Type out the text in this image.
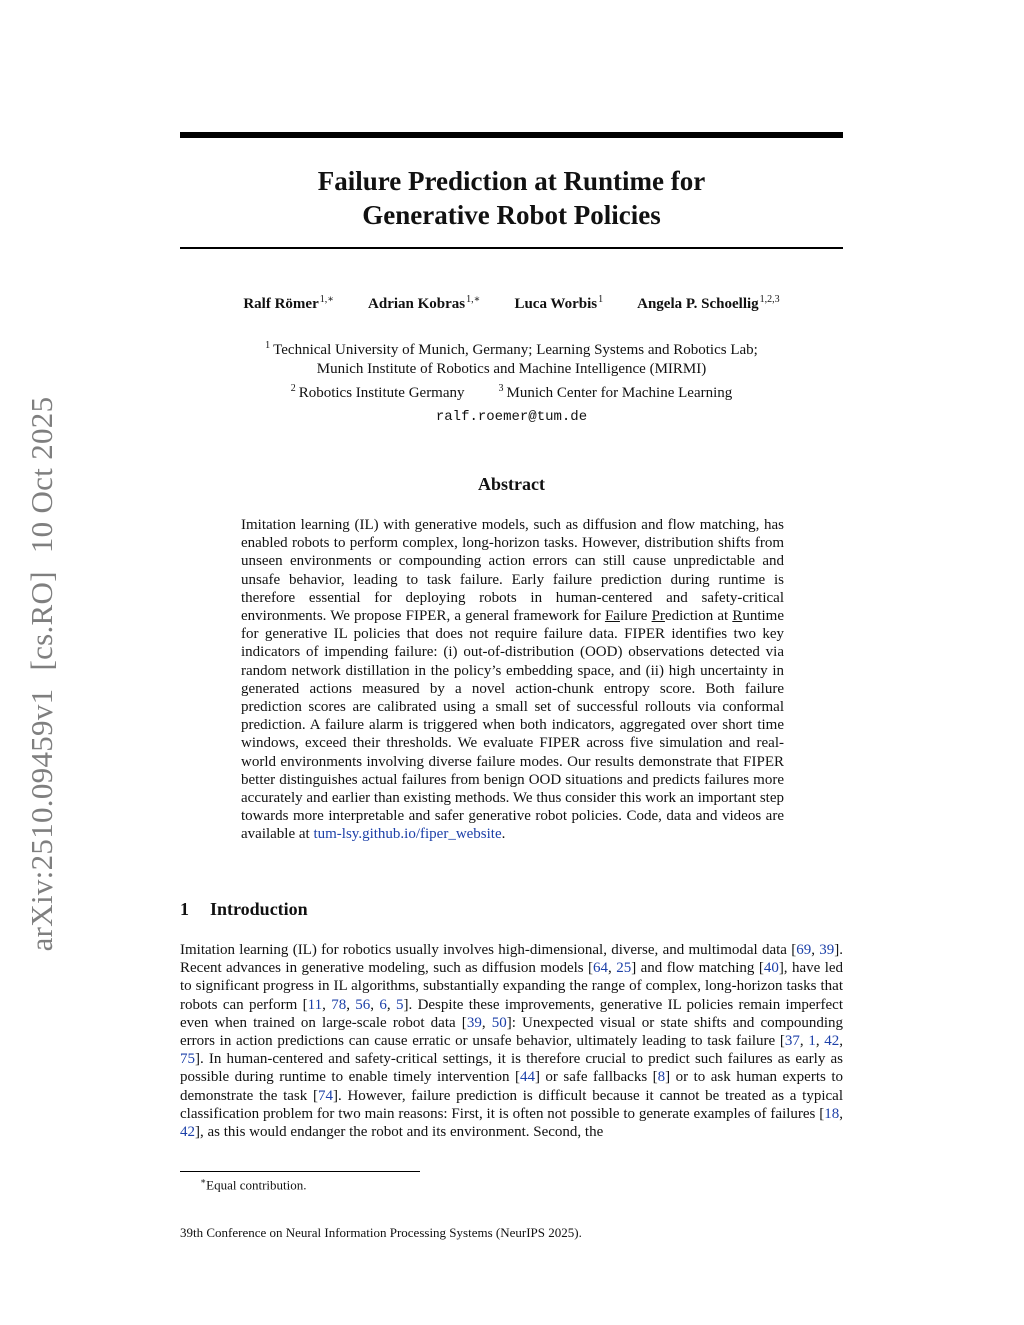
arXiv:2510.09459v1[cs.RO]10 Oct 2025
Failure Prediction at Runtime for
Generative Robot Policies
Ralf Römer$^{1,∗}$ Adrian Kobras$^{1,∗}$ Luca Worbis$^1$ Angela P. Schoellig$^{1,2,3}$
$^1$ Technical University of Munich, Germany; Learning Systems and Robotics Lab;
Munich Institute of Robotics and Machine Intelligence (MIRMI)
$^2$ Robotics Institute Germany	$^3$ Munich Center for Machine Learning
ralf.roemer@tum.de
Abstract
Imitation learning (IL) with generative models, such as diffusion and flow matching, has enabled robots to perform complex, long-horizon tasks. However, distribution shifts from unseen environments or compounding action errors can still cause unpredictable and unsafe behavior, leading to task failure. Early failure prediction during runtime is therefore essential for deploying robots in human-centered and safety-critical environments. We propose FIPER, a general framework for Failure Prediction at Runtime for generative IL policies that does not require failure data. FIPER identifies two key indicators of impending failure: (i) out-of-distribution (OOD) observations detected via random network distillation in the policy’s embedding space, and (ii) high uncertainty in generated actions measured by a novel action-chunk entropy score. Both failure prediction scores are calibrated using a small set of successful rollouts via conformal prediction. A failure alarm is triggered when both indicators, aggregated over short time windows, exceed their thresholds. We evaluate FIPER across five simulation and real-world environments involving diverse failure modes. Our results demonstrate that FIPER better distinguishes actual failures from benign OOD situations and predicts failures more accurately and earlier than existing methods. We thus consider this work an important step towards more interpretable and safer generative robot policies. Code, data and videos are available at tum-lsy.github.io/fiper_website.
1 Introduction
Imitation learning (IL) for robotics usually involves high-dimensional, diverse, and multimodal data [69, 39]. Recent advances in generative modeling, such as diffusion models [64, 25] and flow matching [40], have led to significant progress in IL algorithms, substantially expanding the range of complex, long-horizon tasks that robots can perform [11, 78, 56, 6, 5]. Despite these improvements, generative IL policies remain imperfect even when trained on large-scale robot data [39, 50]: Unexpected visual or state shifts and compounding errors in action predictions can cause erratic or unsafe behavior, ultimately leading to task failure [37, 1, 42, 75]. In human-centered and safety-critical settings, it is therefore crucial to predict such failures as early as possible during runtime to enable timely intervention [44] or safe fallbacks [8] or to ask human experts to demonstrate the task [74]. However, failure prediction is difficult because it cannot be treated as a typical classification problem for two main reasons: First, it is often not possible to generate examples of failures [18, 42], as this would endanger the robot and its environment. Second, the
∗Equal contribution.
39th Conference on Neural Information Processing Systems (NeurIPS 2025).
